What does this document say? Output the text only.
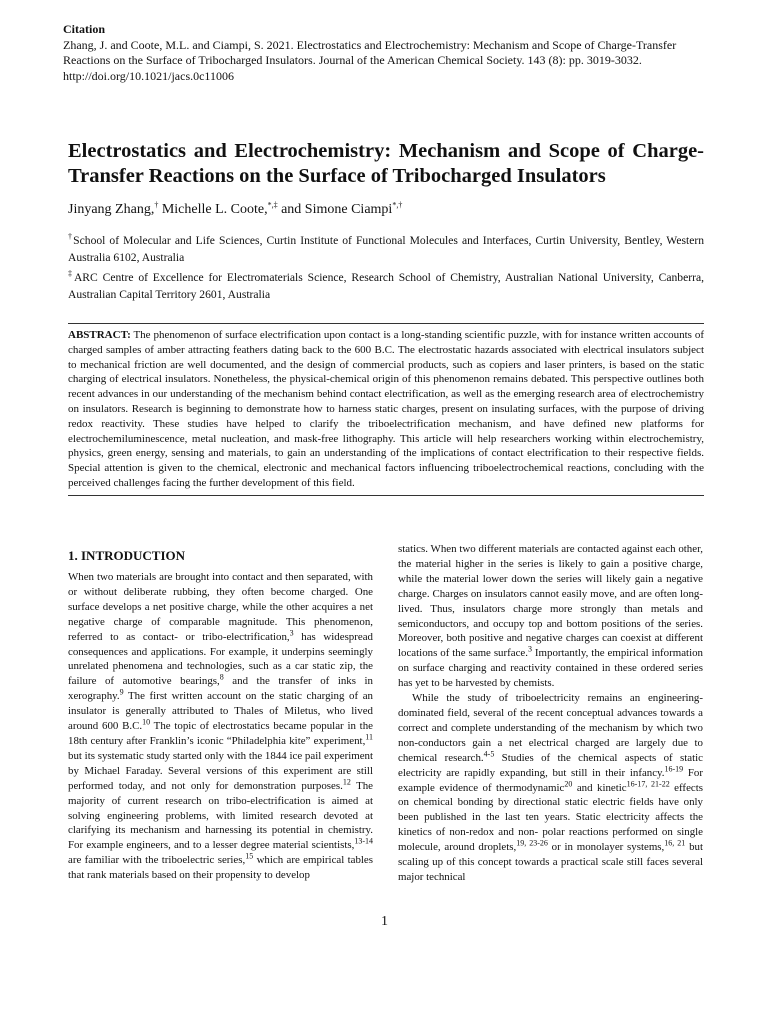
Citation
Zhang, J. and Coote, M.L. and Ciampi, S. 2021. Electrostatics and Electrochemistry: Mechanism and Scope of Charge-Transfer Reactions on the Surface of Tribocharged Insulators. Journal of the American Chemical Society. 143 (8): pp. 3019-3032. http://doi.org/10.1021/jacs.0c11006
Electrostatics and Electrochemistry: Mechanism and Scope of Charge-Transfer Reactions on the Surface of Tribocharged Insulators
Jinyang Zhang,† Michelle L. Coote,*,‡ and Simone Ciampi*,†
†School of Molecular and Life Sciences, Curtin Institute of Functional Molecules and Interfaces, Curtin University, Bentley, Western Australia 6102, Australia
‡ARC Centre of Excellence for Electromaterials Science, Research School of Chemistry, Australian National University, Canberra, Australian Capital Territory 2601, Australia
ABSTRACT: The phenomenon of surface electrification upon contact is a long-standing scientific puzzle, with for instance written accounts of charged samples of amber attracting feathers dating back to the 600 B.C. The electrostatic hazards associated with electrical insulators subject to mechanical friction are well documented, and the design of commercial products, such as copiers and laser printers, is based on the static charging of electrical insulators. Nonetheless, the physical-chemical origin of this phenomenon remains debated. This perspective outlines both recent advances in our understanding of the mechanism behind contact electrification, as well as the emerging research area of electrochemistry on insulators. Research is beginning to demonstrate how to harness static charges, present on insulating surfaces, with the purpose of driving redox reactivity. These studies have helped to clarify the triboelectrification mechanism, and have defined new platforms for electrochemiluminescence, metal nucleation, and mask-free lithography. This article will help researchers working within electrochemistry, physics, green energy, sensing and materials, to gain an understanding of the implications of contact electrification to their respective fields. Special attention is given to the chemical, electronic and mechanical factors influencing triboelectrochemical reactions, concluding with the perceived challenges facing the further development of this field.
1. INTRODUCTION

When two materials are brought into contact and then separated, with or without deliberate rubbing, they often become charged. One surface develops a net positive charge, while the other acquires a net negative charge of comparable magnitude. This phenomenon, referred to as contact- or tribo-electrification,$^3$ has widespread consequences and applications. For example, it underpins seemingly unrelated phenomena and technologies, such as a car static zip, the failure of automotive bearings,$^8$ and the transfer of inks in xerography.$^9$ The first written account on the static charging of an insulator is generally attributed to Thales of Miletus, who lived around 600 B.C.$^{10}$ The topic of electrostatics became popular in the 18th century after Franklin’s iconic “Philadelphia kite” experiment,$^{11}$ but its systematic study started only with the 1844 ice pail experiment by Michael Faraday. Several versions of this experiment are still performed today, and not only for demonstration purposes.$^{12}$ The majority of current research on tribo-electrification is aimed at solving engineering problems, with limited research devoted at clarifying its mechanism and harnessing its potential in chemistry. For example engineers, and to a lesser degree material scientists,$^{13-14}$ are familiar with the triboelectric series,$^{15}$ which are empirical tables that rank materials based on their propensity to develop

statics. When two different materials are contacted against each other, the material higher in the series is likely to gain a positive charge, while the material lower down the series will likely gain a negative charge. Charges on insulators cannot easily move, and are often long-lived. Thus, insulators charge more strongly than metals and semiconductors, and occupy top and bottom positions of the series. Moreover, both positive and negative charges can coexist at different locations of the same surface.$^3$ Importantly, the empirical information on surface charging and reactivity contained in these ordered series has yet to be harvested by chemists.

While the study of triboelectricity remains an engineering-dominated field, several of the recent conceptual advances towards a correct and complete understanding of the mechanism by which two non-conductors gain a net electrical charged are largely due to chemical research.$^{4-5}$ Studies of the chemical aspects of static electricity are rapidly expanding, but still in their infancy.$^{16-19}$ For example evidence of thermodynamic$^{20}$ and kinetic$^{16-17, 21-22}$ effects on chemical bonding by directional static electric fields have only been published in the last ten years. Static electricity affects the kinetics of non-redox and non- polar reactions performed on single molecule, around droplets,$^{19, 23-26}$ or in monolayer systems,$^{16, 21}$ but scaling up of this concept towards a practical scale still faces several major technical

1
